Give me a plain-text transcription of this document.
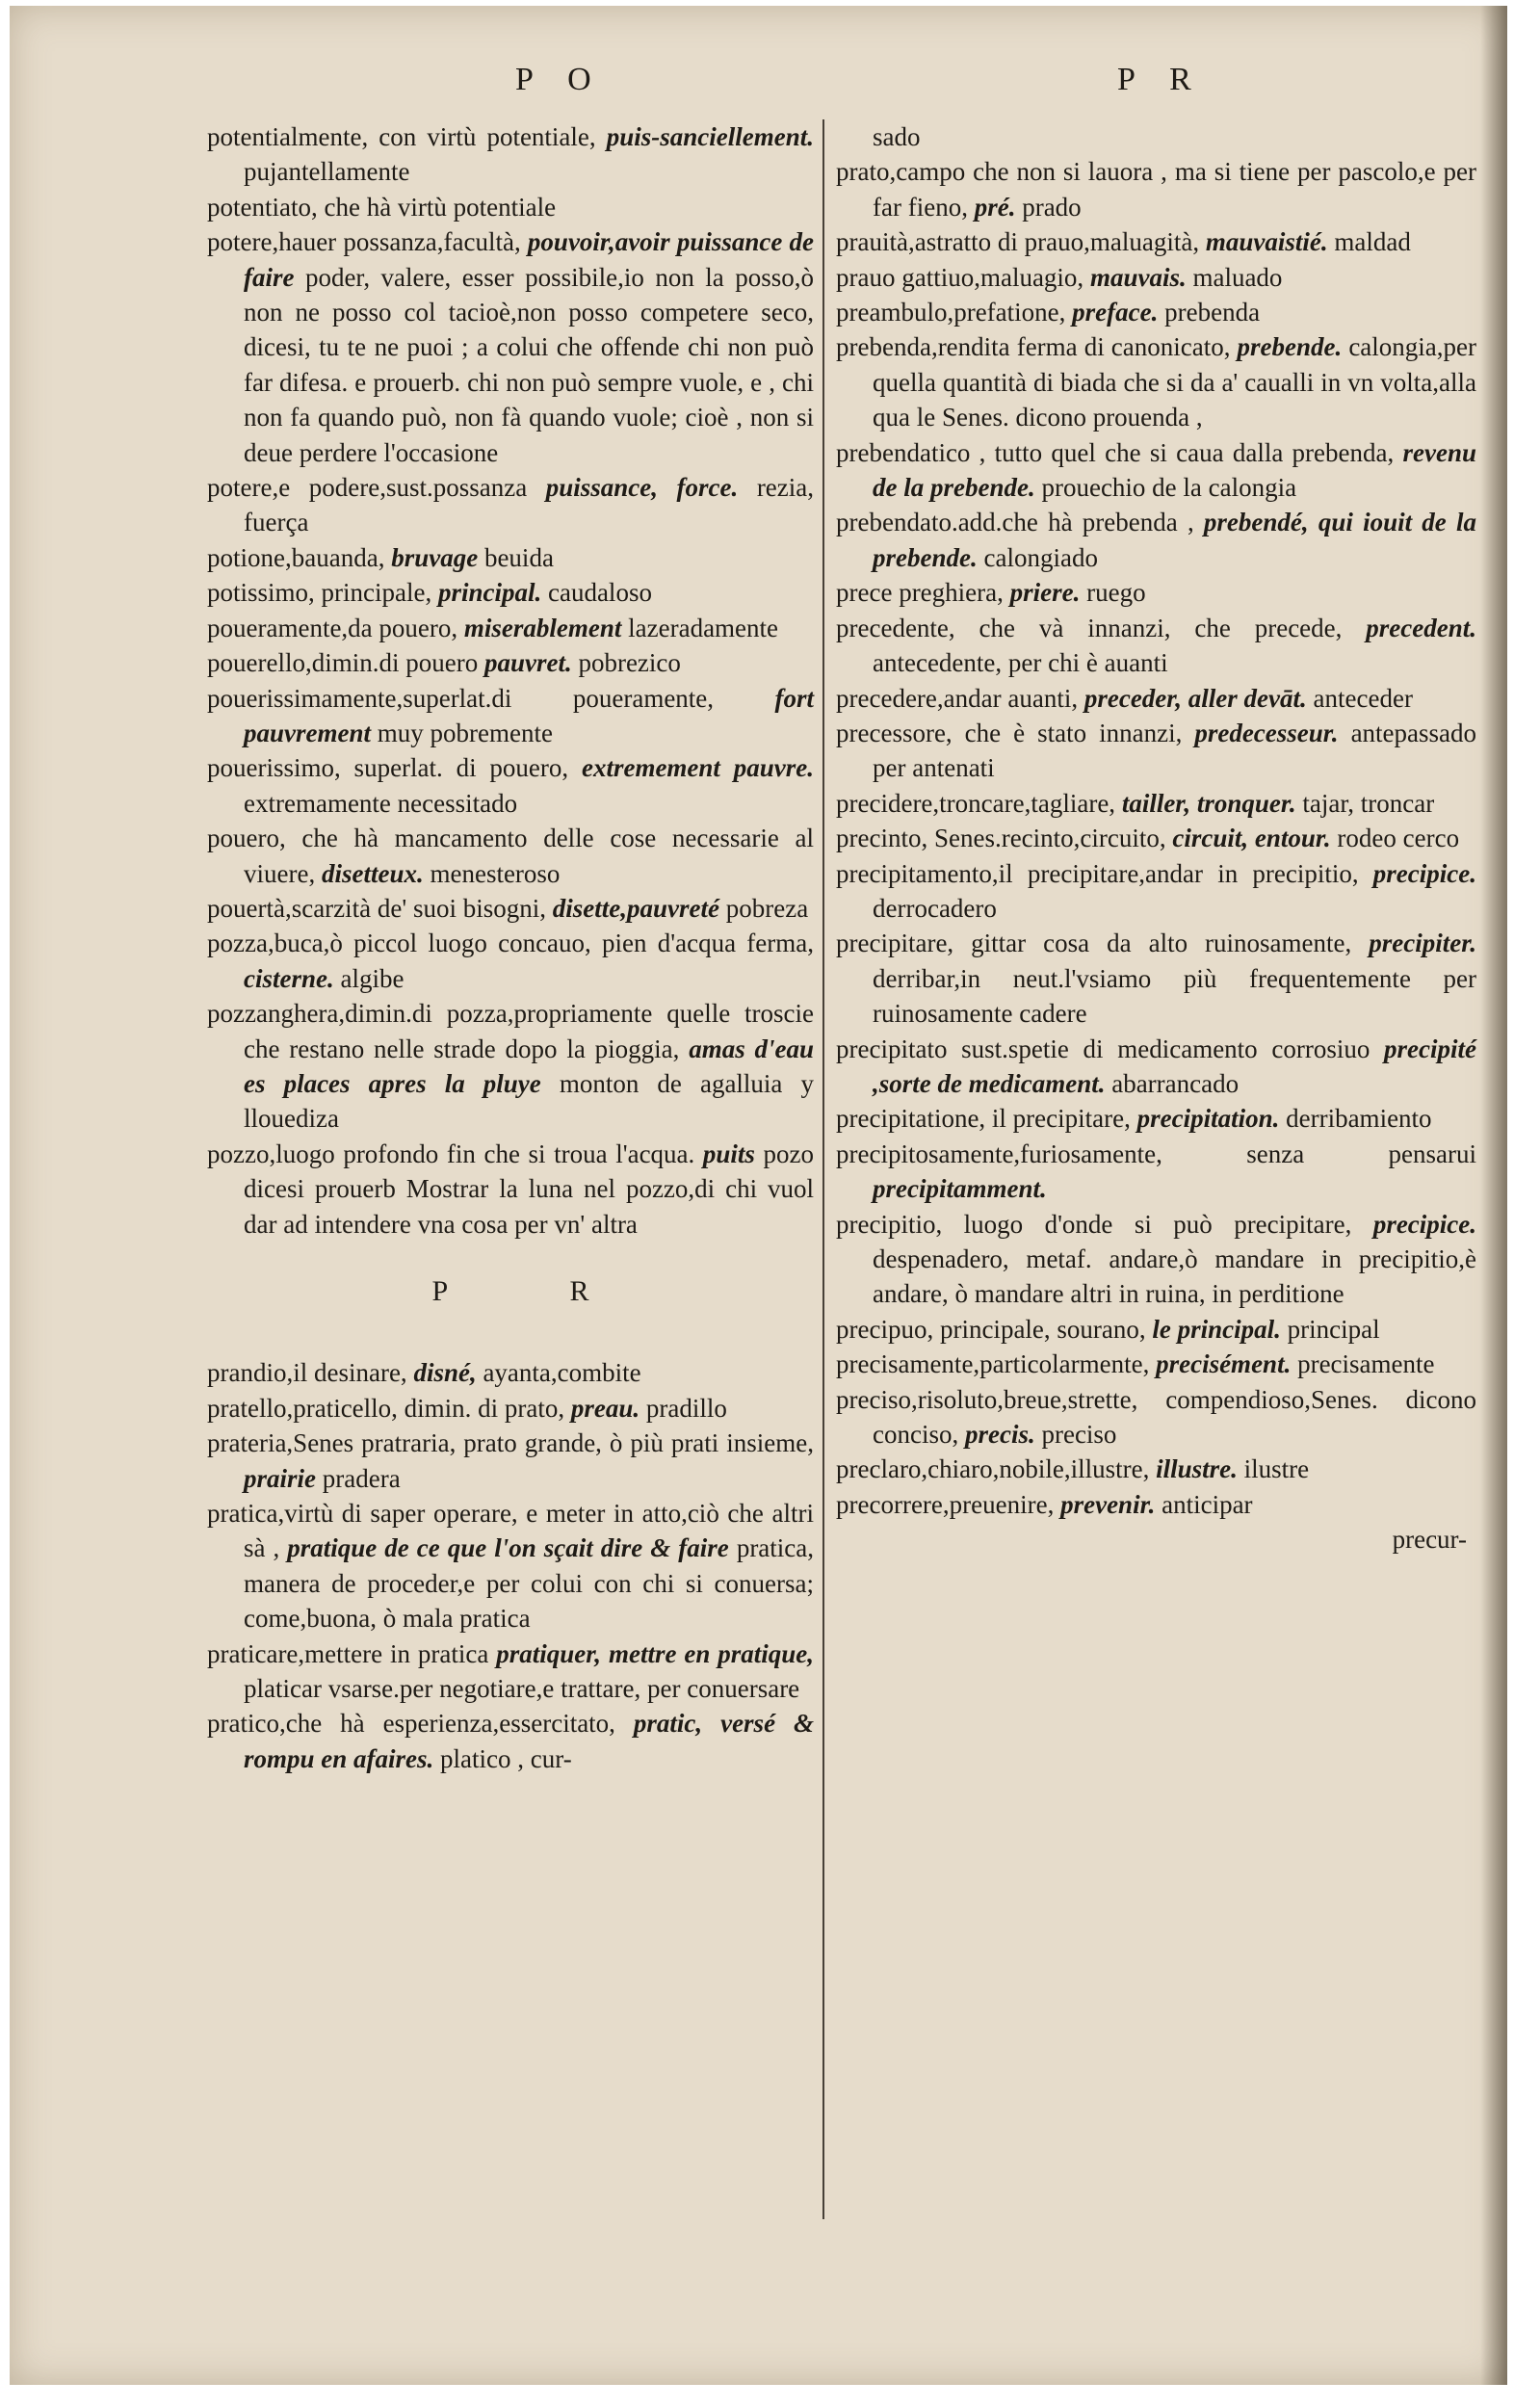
P O	P R

potentialmente, con virtù potentiale, puis-sanciellement. pujantellamente

potentiato, che hà virtù potentiale

potere,hauer possanza,facultà, pouvoir,avoir puissance de faire poder, valere, esser possibile,io non la posso,ò non ne posso col tacioè,non posso competere seco, dicesi, tu te ne puoi ; a colui che offende chi non può far difesa. e prouerb. chi non può sempre vuole, e , chi non fa quando può, non fà quando vuole; cioè , non si deue perdere l'occasione

potere,e podere,sust.possanza puissance, force. rezia, fuerça

potione,bauanda, bruvage beuida

potissimo, principale, principal. caudaloso

poueramente,da pouero, miserablement lazeradamente

pouerello,dimin.di pouero pauvret. pobrezico

pouerissimamente,superlat.di poueramente, fort pauvrement muy pobremente

pouerissimo, superlat. di pouero, extremement pauvre. extremamente necessitado

pouero, che hà mancamento delle cose necessarie al viuere, disetteux. menesteroso

pouertà,scarzità de' suoi bisogni, disette,pauvreté pobreza

pozza,buca,ò piccol luogo concauo, pien d'acqua ferma, cisterne. algibe

pozzanghera,dimin.di pozza,propriamente quelle troscie che restano nelle strade dopo la pioggia, amas d'eau es places apres la pluye monton de agalluia y llouediza

pozzo,luogo profondo fin che si troua l'acqua. puits pozo dicesi prouerb Mostrar la luna nel pozzo,di chi vuol dar ad intendere vna cosa per vn' altra

P R

prandio,il desinare, disné, ayanta,combite

pratello,praticello, dimin. di prato, preau. pradillo

prateria,Senes pratraria, prato grande, ò più prati insieme, prairie pradera

pratica,virtù di saper operare, e meter in atto,ciò che altri sà , pratique de ce que l'on sçait dire & faire pratica, manera de proceder,e per colui con chi si conuersa; come,buona, ò mala pratica

praticare,mettere in pratica pratiquer, mettre en pratique, platicar vsarse.per negotiare,e trattare, per conuersare

pratico,che hà esperienza,essercitato, pratic, versé & rompu en afaires. platico , cur-

sado

prato,campo che non si lauora , ma si tiene per pascolo,e per far fieno, pré. prado

prauità,astratto di prauo,maluagità, mauvaistié. maldad

prauo gattiuo,maluagio, mauvais. maluado

preambulo,prefatione, preface. prebenda

prebenda,rendita ferma di canonicato, prebende. calongia,per quella quantità di biada che si da a' caualli in vn volta,alla qua le Senes. dicono prouenda ,

prebendatico , tutto quel che si caua dalla prebenda, revenu de la prebende. prouechio de la calongia

prebendato.add.che hà prebenda , prebendé, qui iouit de la prebende. calongiado

prece preghiera, priere. ruego

precedente, che và innanzi, che precede, precedent. antecedente, per chi è auanti

precedere,andar auanti, preceder, aller devāt. anteceder

precessore, che è stato innanzi, predecesseur. antepassado per antenati

precidere,troncare,tagliare, tailler, tronquer. tajar, troncar

precinto, Senes.recinto,circuito, circuit, entour. rodeo cerco

precipitamento,il precipitare,andar in precipitio, precipice. derrocadero

precipitare, gittar cosa da alto ruinosamente, precipiter. derribar,in neut.l'vsiamo più frequentemente per ruinosamente cadere

precipitato sust.spetie di medicamento corrosiuo precipité ,sorte de medicament. abarrancado

precipitatione, il precipitare, precipitation. derribamiento

precipitosamente,furiosamente, senza pensarui precipitamment.

precipitio, luogo d'onde si può precipitare, precipice. despenadero, metaf. andare,ò mandare in precipitio,è andare, ò mandare altri in ruina, in perditione

precipuo, principale, sourano, le principal. principal

precisamente,particolarmente, precisément. precisamente

preciso,risoluto,breue,strette, compendioso,Senes. dicono conciso, precis. preciso

preclaro,chiaro,nobile,illustre, illustre. ilustre

precorrere,preuenire, prevenir. anticipar

precur-
